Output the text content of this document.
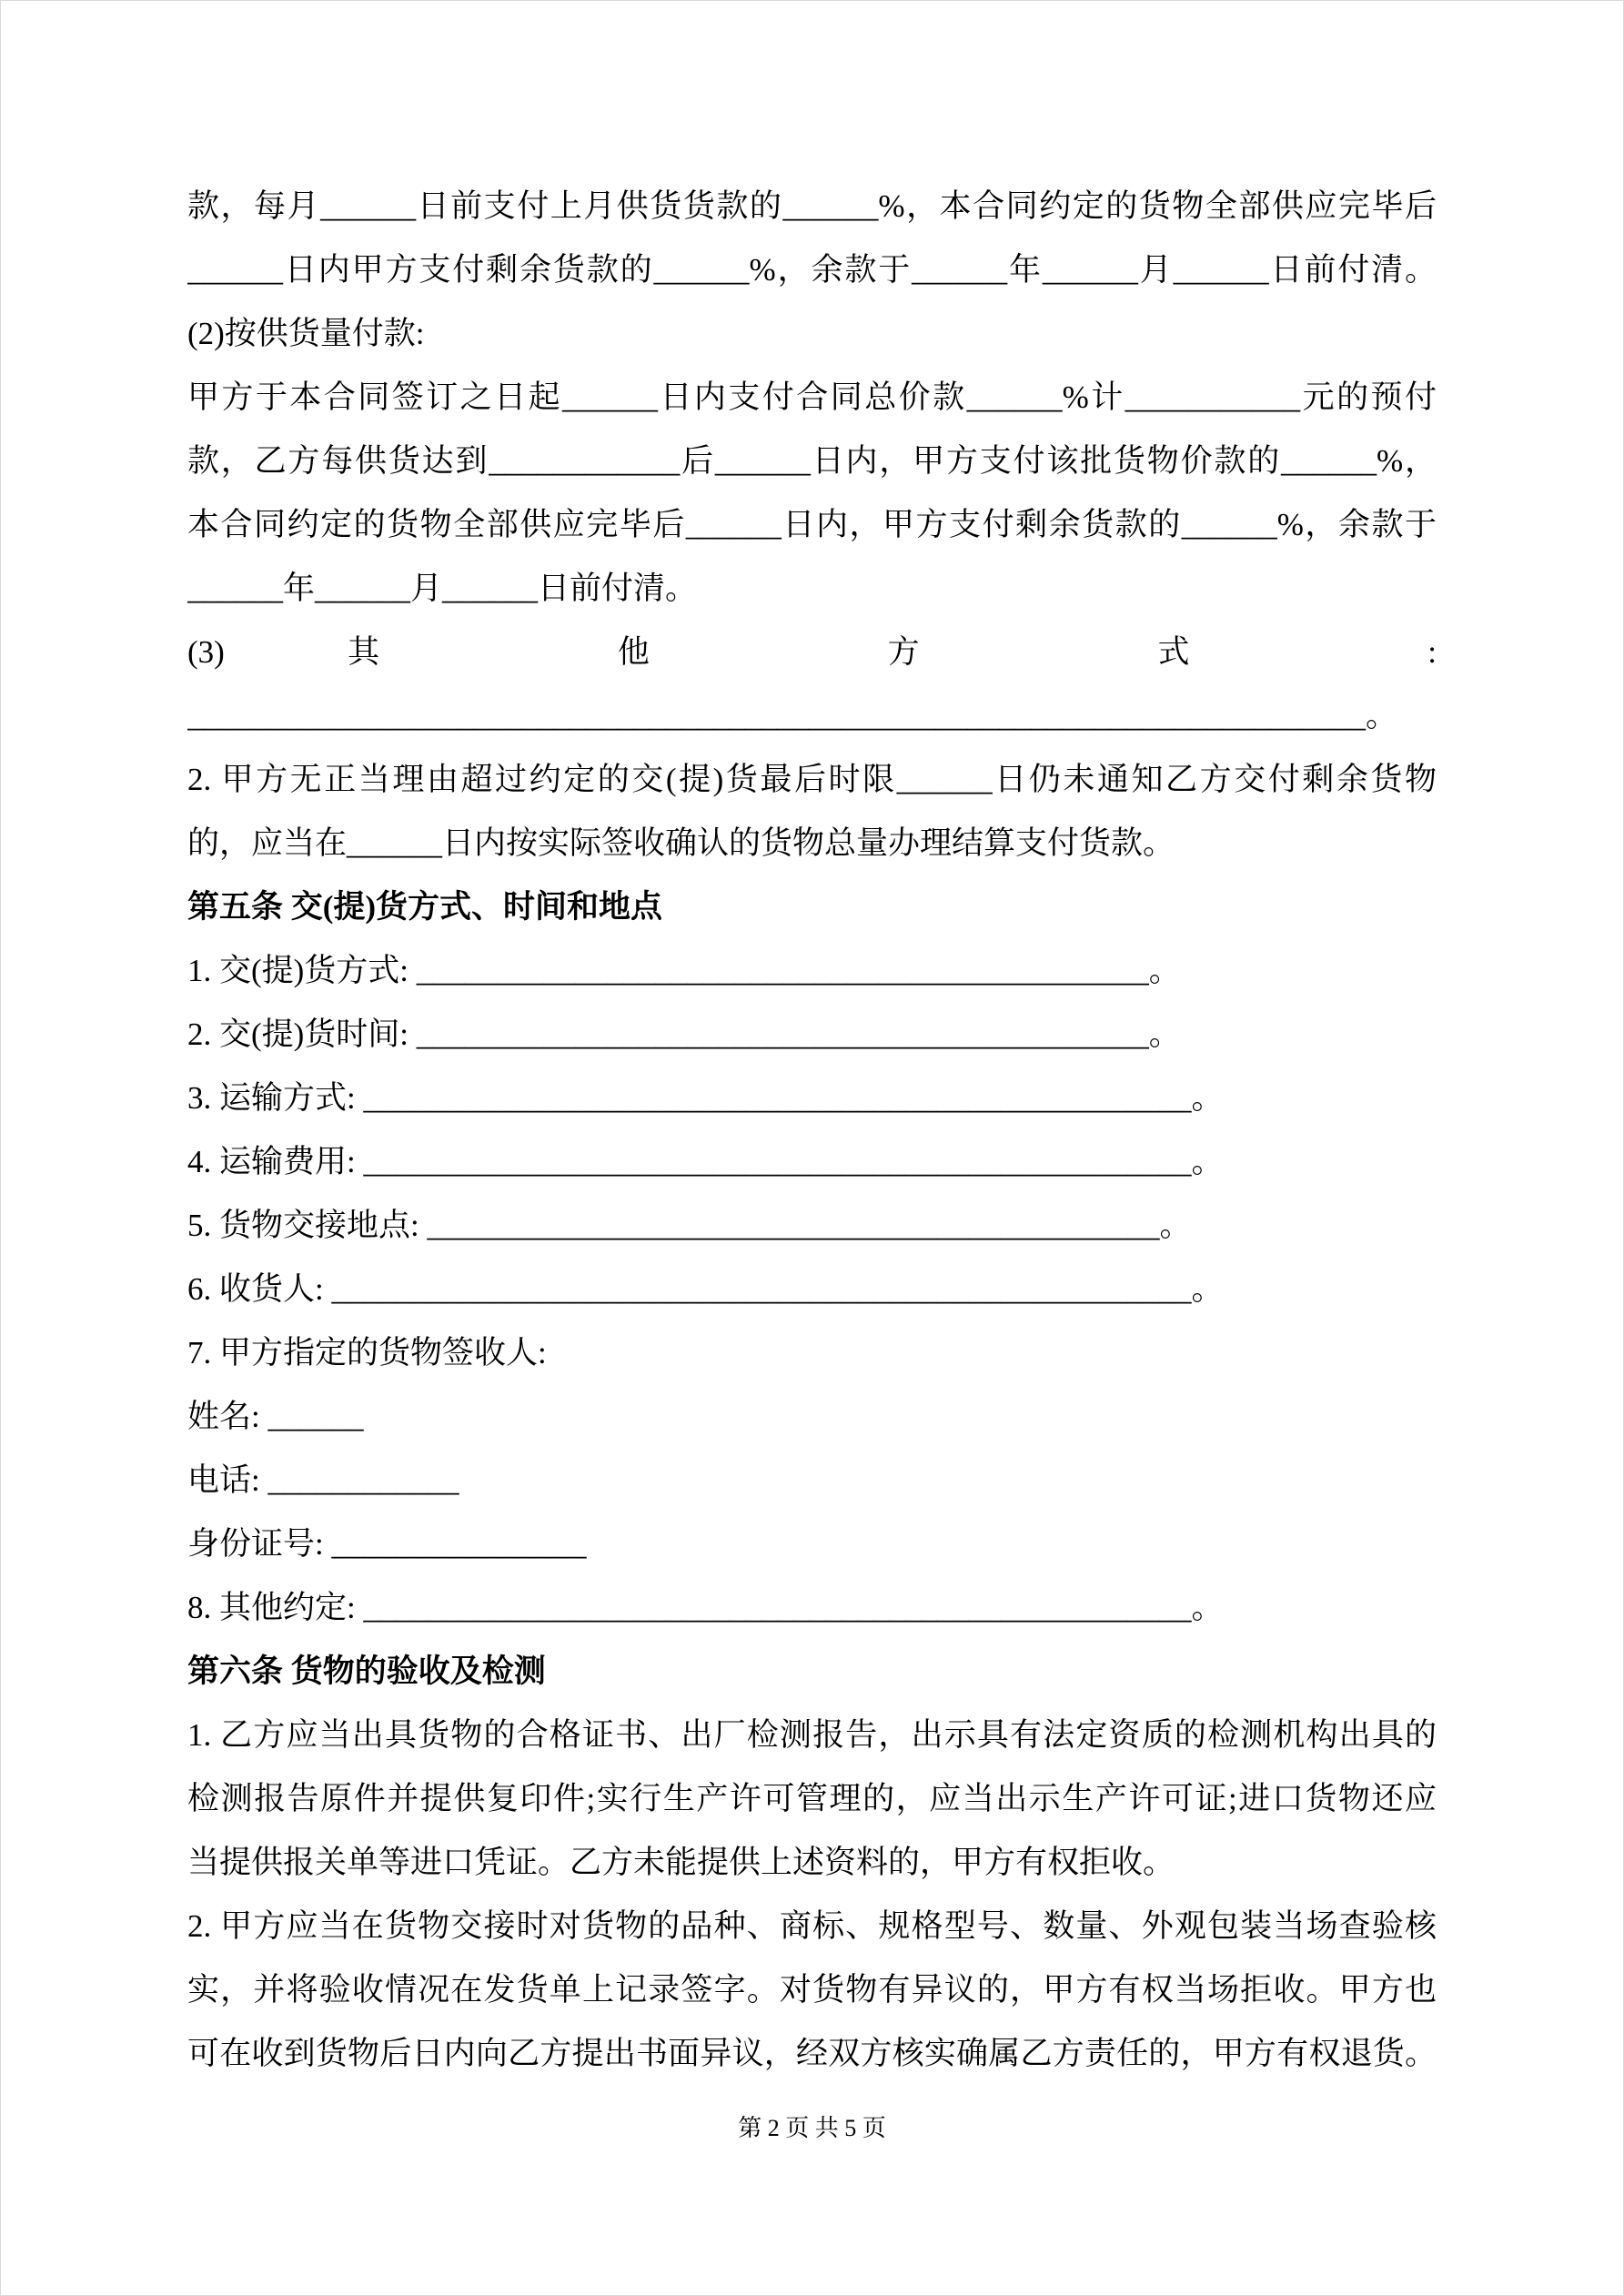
款，每月______日前支付上月供货货款的______%，本合同约定的货物全部供应完毕后
______日内甲方支付剩余货款的______%，余款于______年______月______日前付清。
(2)按供货量付款:
甲方于本合同签订之日起______日内支付合同总价款______%计___________元的预付
款，乙方每供货达到____________后______日内，甲方支付该批货物价款的______%，
本合同约定的货物全部供应完毕后______日内，甲方支付剩余货款的______%，余款于
______年______月______日前付清。
(3) 其 他 方 式 :
__________________________________________________________________________。
2. 甲方无正当理由超过约定的交(提)货最后时限______日仍未通知乙方交付剩余货物
的，应当在______日内按实际签收确认的货物总量办理结算支付货款。
第五条 交(提)货方式、时间和地点
1. 交(提)货方式: ______________________________________________。
2. 交(提)货时间: ______________________________________________。
3. 运输方式: ____________________________________________________。
4. 运输费用: ____________________________________________________。
5. 货物交接地点: ______________________________________________。
6. 收货人: ______________________________________________________。
7. 甲方指定的货物签收人:
姓名: ______
电话: ____________
身份证号: ________________
8. 其他约定: ____________________________________________________。
第六条 货物的验收及检测
1. 乙方应当出具货物的合格证书、出厂检测报告，出示具有法定资质的检测机构出具的
检测报告原件并提供复印件;实行生产许可管理的，应当出示生产许可证;进口货物还应
当提供报关单等进口凭证。乙方未能提供上述资料的，甲方有权拒收。
2. 甲方应当在货物交接时对货物的品种、商标、规格型号、数量、外观包装当场查验核
实，并将验收情况在发货单上记录签字。对货物有异议的，甲方有权当场拒收。甲方也
可在收到货物后日内向乙方提出书面异议，经双方核实确属乙方责任的，甲方有权退货。
第 2 页 共 5 页
